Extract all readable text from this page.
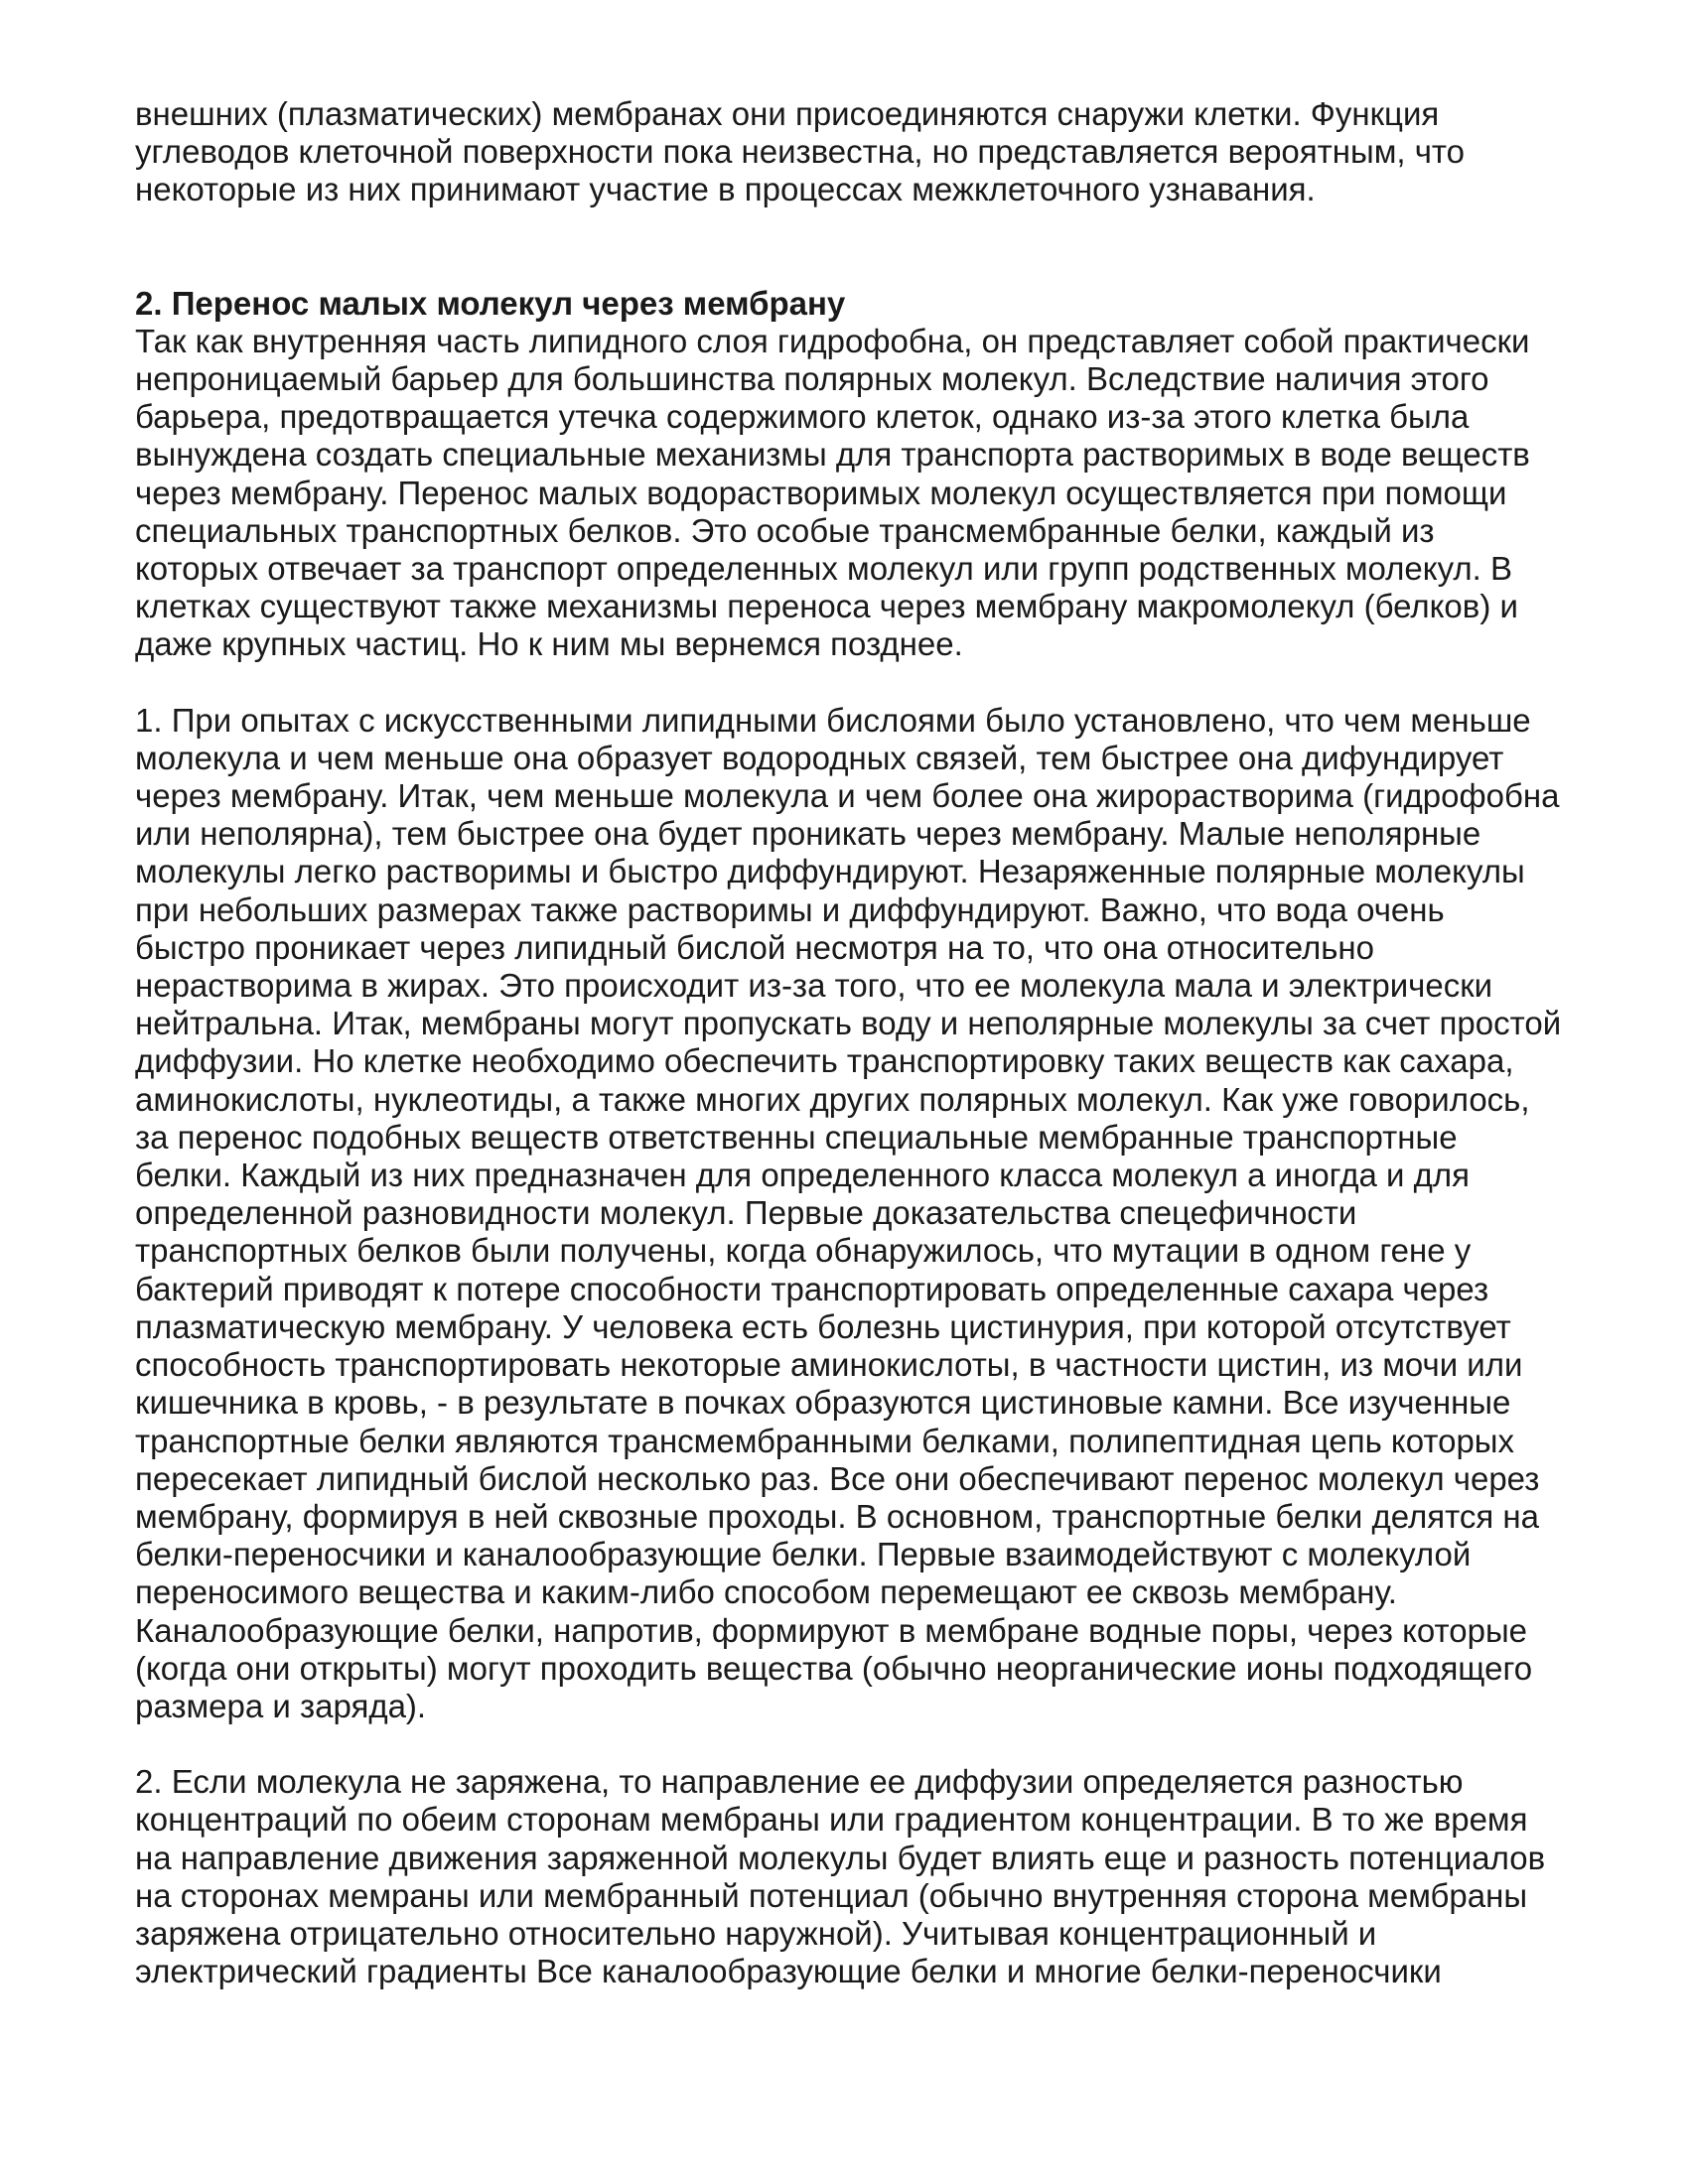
внешних (плазматических) мембранах они присоединяются снаружи клетки. Функция
углеводов клеточной поверхности пока неизвестна, но представляется вероятным, что
некоторые из них принимают участие в процессах межклеточного узнавания.
2. Перенос малых молекул через мембрану
Так как внутренняя часть липидного слоя гидрофобна, он представляет собой практически
непроницаемый барьер для большинства полярных молекул. Вследствие наличия этого
барьера, предотвращается утечка содержимого клеток, однако из-за этого клетка была
вынуждена создать специальные механизмы для транспорта растворимых в воде веществ
через мембрану. Перенос малых водорастворимых молекул осуществляется при помощи
специальных транспортных белков. Это особые трансмембранные белки, каждый из
которых отвечает за транспорт определенных молекул или групп родственных молекул. В
клетках существуют также механизмы переноса через мембрану макромолекул (белков) и
даже крупных частиц. Но к ним мы вернемся позднее.
1. При опытах с искусственными липидными бислоями было установлено, что чем меньше
молекула и чем меньше она образует водородных связей, тем быстрее она дифундирует
через мембрану. Итак, чем меньше молекула и чем более она жирорастворима (гидрофобна
или неполярна), тем быстрее она будет проникать через мембрану. Малые неполярные
молекулы легко растворимы и быстро диффундируют. Незаряженные полярные молекулы
при небольших размерах также растворимы и диффундируют. Важно, что вода очень
быстро проникает через липидный бислой несмотря на то, что она относительно
нерастворима в жирах. Это происходит из-за того, что ее молекула мала и электрически
нейтральна. Итак, мембраны могут пропускать воду и неполярные молекулы за счет простой
диффузии. Но клетке необходимо обеспечить транспортировку таких веществ как сахара,
аминокислоты, нуклеотиды, а также многих других полярных молекул. Как уже говорилось,
за перенос подобных веществ ответственны специальные мембранные транспортные
белки. Каждый из них предназначен для определенного класса молекул а иногда и для
определенной разновидности молекул. Первые доказательства спецефичности
транспортных белков были получены, когда обнаружилось, что мутации в одном гене у
бактерий приводят к потере способности транспортировать определенные сахара через
плазматическую мембрану. У человека есть болезнь цистинурия, при которой отсутствует
способность транспортировать некоторые аминокислоты, в частности цистин, из мочи или
кишечника в кровь, - в результате в почках образуются цистиновые камни. Все изученные
транспортные белки являются трансмембранными белками, полипептидная цепь которых
пересекает липидный бислой несколько раз. Все они обеспечивают перенос молекул через
мембрану, формируя в ней сквозные проходы. В основном, транспортные белки делятся на
белки-переносчики и каналообразующие белки. Первые взаимодействуют с молекулой
переносимого вещества и каким-либо способом перемещают ее сквозь мембрану.
Каналообразующие белки, напротив, формируют в мембране водные поры, через которые
(когда они открыты) могут проходить вещества (обычно неорганические ионы подходящего
размера и заряда).
2. Если молекула не заряжена, то направление ее диффузии определяется разностью
концентраций по обеим сторонам мембраны или градиентом концентрации. В то же время
на направление движения заряженной молекулы будет влиять еще и разность потенциалов
на сторонах мемраны или мембранный потенциал (обычно внутренняя сторона мембраны
заряжена отрицательно относительно наружной). Учитывая концентрационный и
электрический градиенты Все каналообразующие белки и многие белки-переносчики
